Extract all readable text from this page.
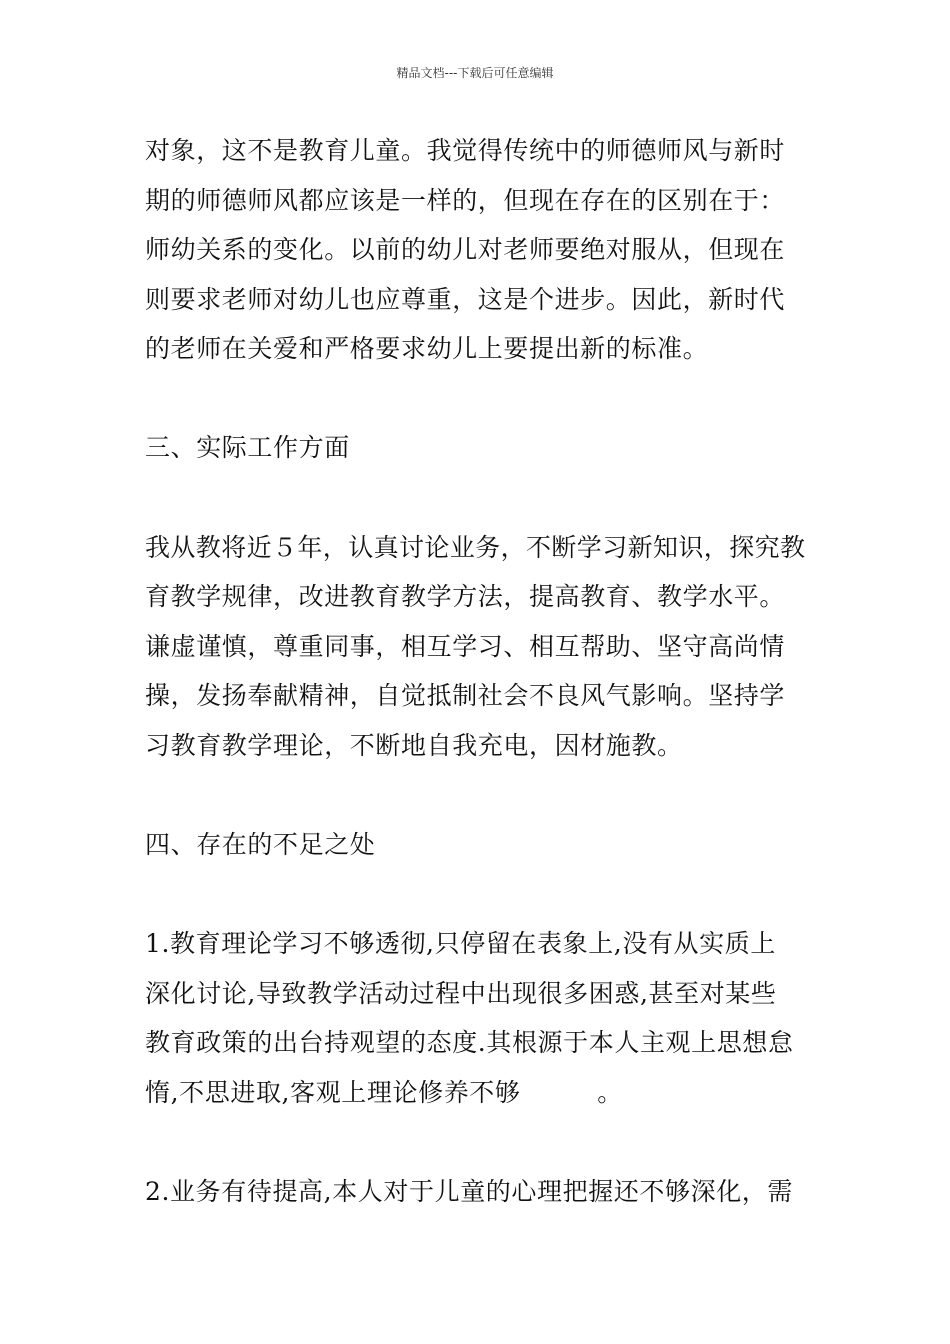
精品文档---下载后可任意编辑
对象，这不是教育儿童。我觉得传统中的师德师风与新时
期的师德师风都应该是一样的，但现在存在的区别在于：
师幼关系的变化。以前的幼儿对老师要绝对服从，但现在
则要求老师对幼儿也应尊重，这是个进步。因此，新时代
的老师在关爱和严格要求幼儿上要提出新的标准。
三、实际工作方面
我从教将近５年，认真讨论业务，不断学习新知识，探究教
育教学规律，改进教育教学方法，提高教育、教学水平。
谦虚谨慎，尊重同事，相互学习、相互帮助、坚守高尚情
操，发扬奉献精神，自觉抵制社会不良风气影响。坚持学
习教育教学理论，不断地自我充电，因材施教。
四、存在的不足之处
1.教育理论学习不够透彻,只停留在表象上,没有从实质上
深化讨论,导致教学活动过程中出现很多困惑,甚至对某些
教育政策的出台持观望的态度.其根源于本人主观上思想怠
惰,不思进取,客观上理论修养不够　　　。
2.业务有待提高,本人对于儿童的心理把握还不够深化，需
